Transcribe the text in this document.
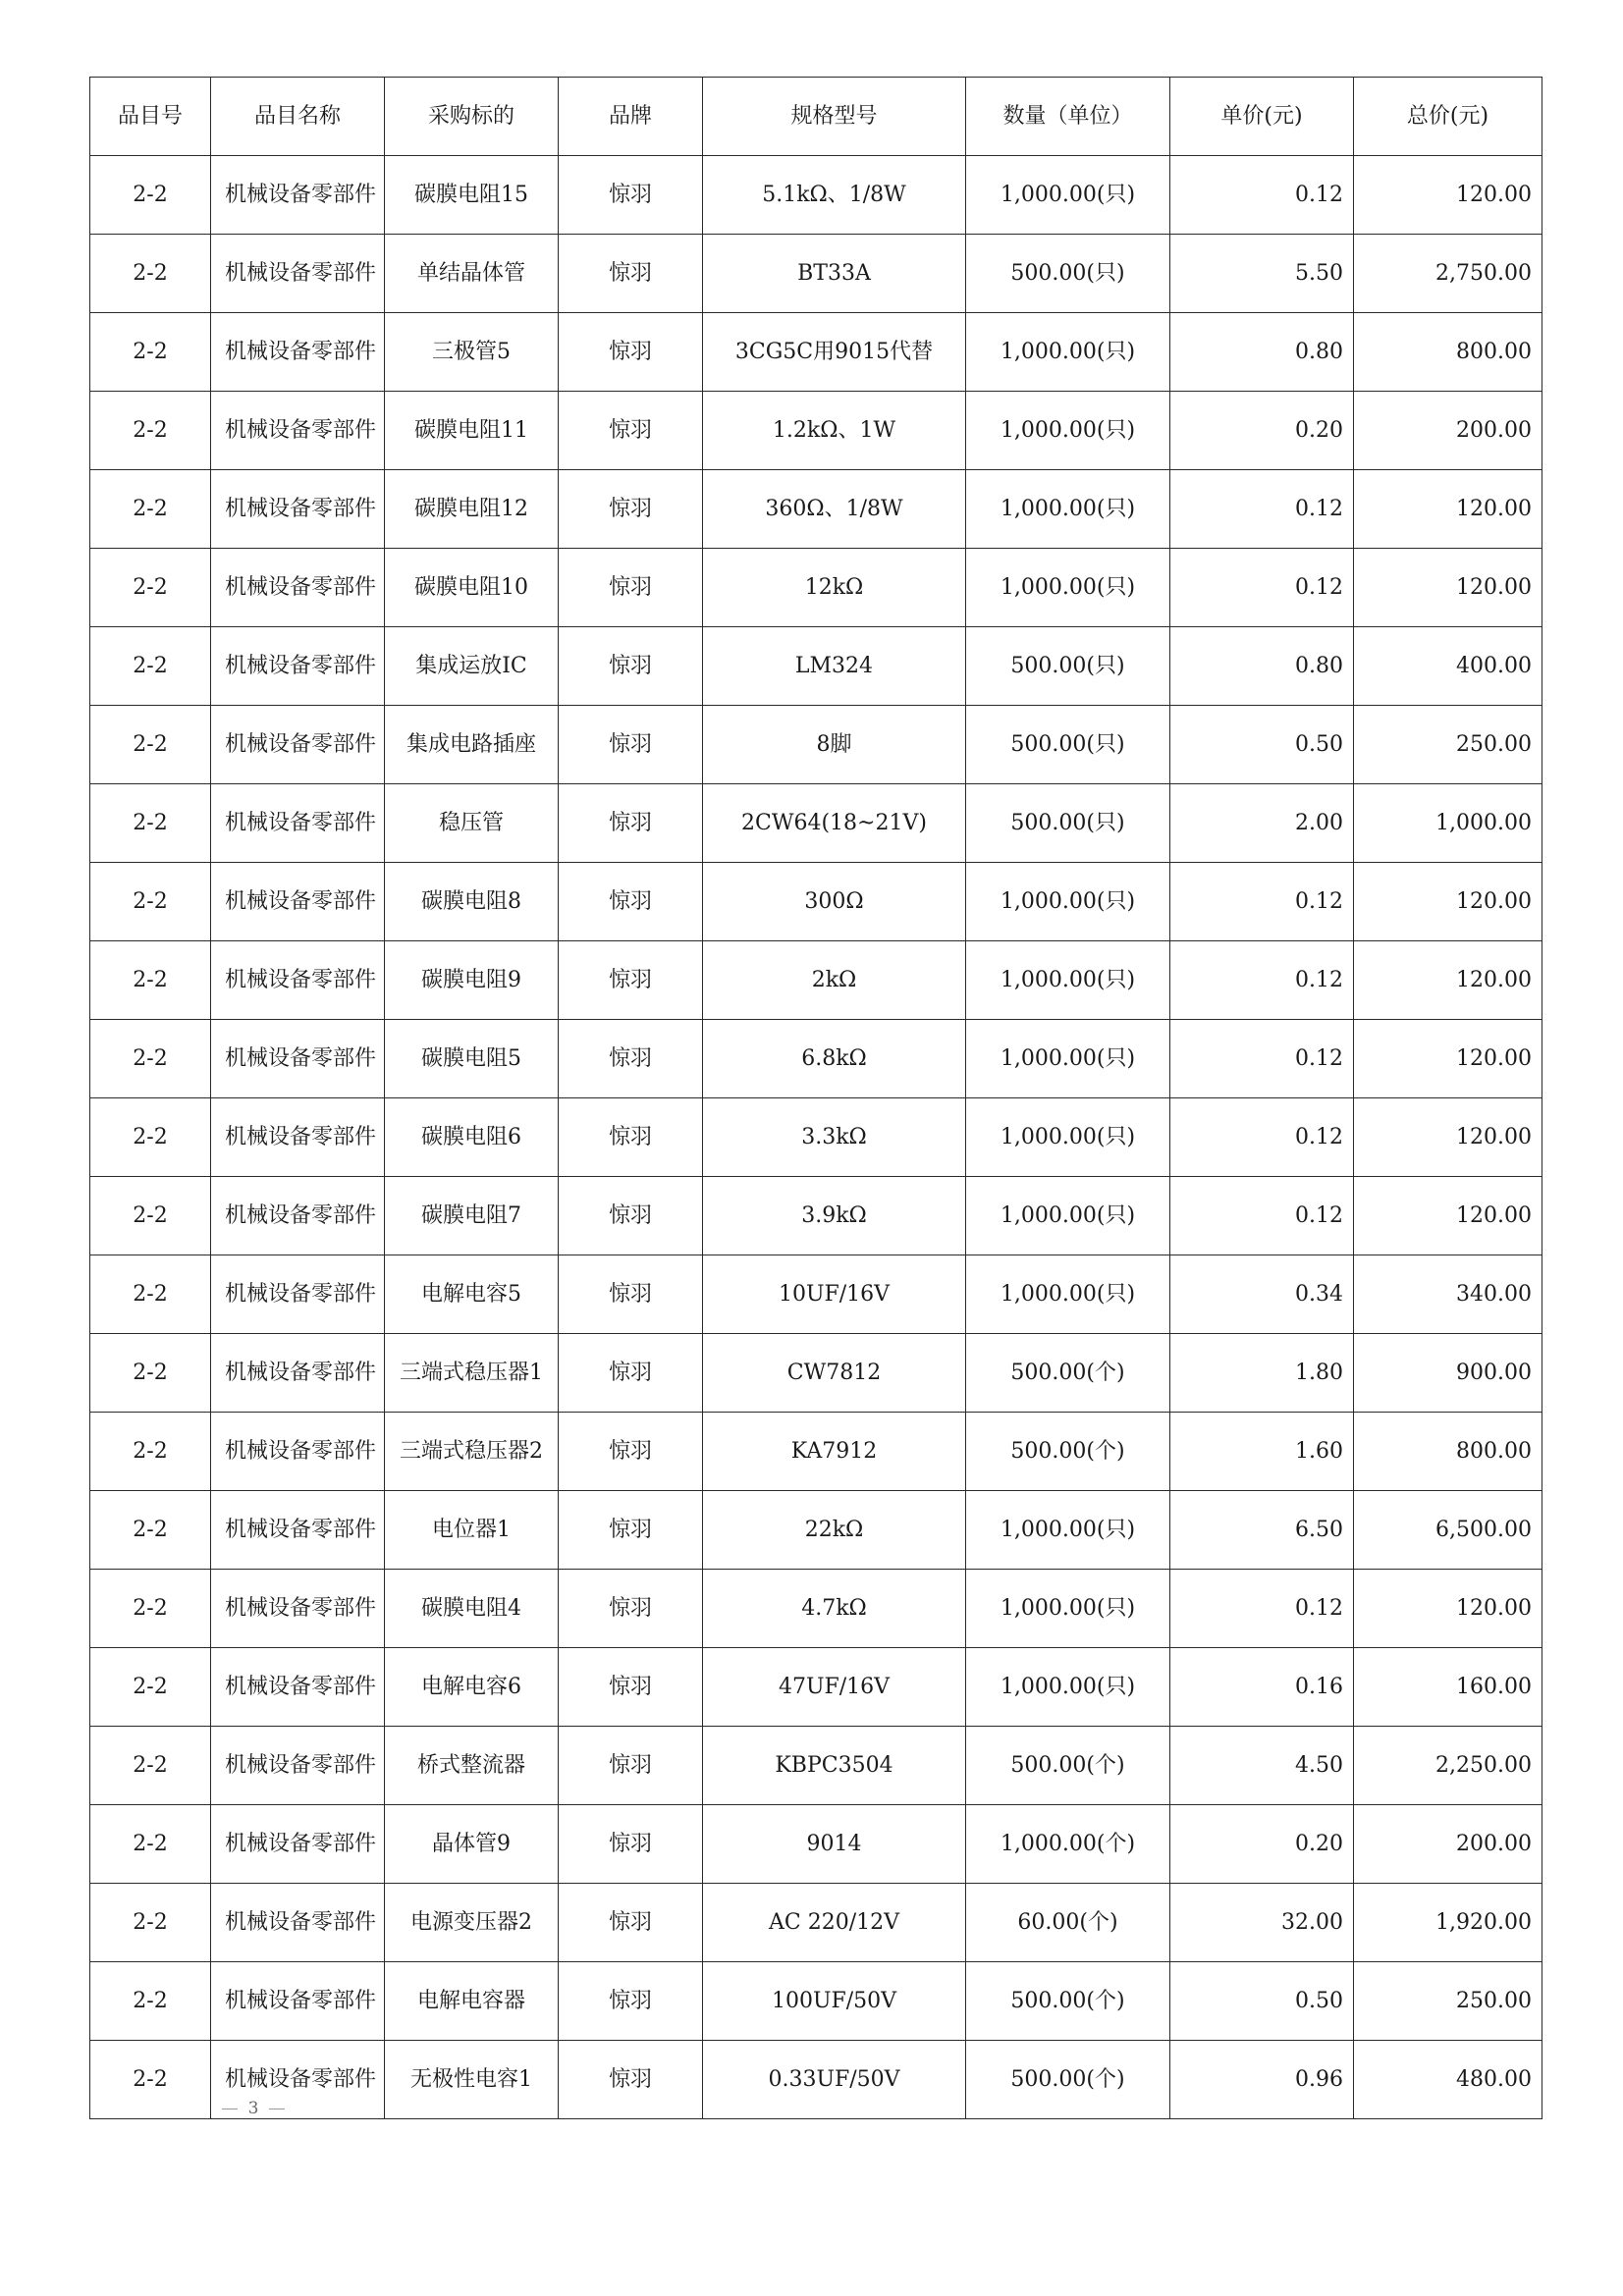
品目号	品目名称	采购标的	品牌	规格型号	数量（单位）	单价(元)	总价(元)
2-2	机械设备零部件	碳膜电阻15	惊羽	5.1kΩ、1/8W	1,000.00(只)	0.12	120.00
2-2	机械设备零部件	单结晶体管	惊羽	BT33A	500.00(只)	5.50	2,750.00
2-2	机械设备零部件	三极管5	惊羽	3CG5C用9015代替	1,000.00(只)	0.80	800.00
2-2	机械设备零部件	碳膜电阻11	惊羽	1.2kΩ、1W	1,000.00(只)	0.20	200.00
2-2	机械设备零部件	碳膜电阻12	惊羽	360Ω、1/8W	1,000.00(只)	0.12	120.00
2-2	机械设备零部件	碳膜电阻10	惊羽	12kΩ	1,000.00(只)	0.12	120.00
2-2	机械设备零部件	集成运放IC	惊羽	LM324	500.00(只)	0.80	400.00
2-2	机械设备零部件	集成电路插座	惊羽	8脚	500.00(只)	0.50	250.00
2-2	机械设备零部件	稳压管	惊羽	2CW64(18~21V)	500.00(只)	2.00	1,000.00
2-2	机械设备零部件	碳膜电阻8	惊羽	300Ω	1,000.00(只)	0.12	120.00
2-2	机械设备零部件	碳膜电阻9	惊羽	2kΩ	1,000.00(只)	0.12	120.00
2-2	机械设备零部件	碳膜电阻5	惊羽	6.8kΩ	1,000.00(只)	0.12	120.00
2-2	机械设备零部件	碳膜电阻6	惊羽	3.3kΩ	1,000.00(只)	0.12	120.00
2-2	机械设备零部件	碳膜电阻7	惊羽	3.9kΩ	1,000.00(只)	0.12	120.00
2-2	机械设备零部件	电解电容5	惊羽	10UF/16V	1,000.00(只)	0.34	340.00
2-2	机械设备零部件	三端式稳压器1	惊羽	CW7812	500.00(个)	1.80	900.00
2-2	机械设备零部件	三端式稳压器2	惊羽	KA7912	500.00(个)	1.60	800.00
2-2	机械设备零部件	电位器1	惊羽	22kΩ	1,000.00(只)	6.50	6,500.00
2-2	机械设备零部件	碳膜电阻4	惊羽	4.7kΩ	1,000.00(只)	0.12	120.00
2-2	机械设备零部件	电解电容6	惊羽	47UF/16V	1,000.00(只)	0.16	160.00
2-2	机械设备零部件	桥式整流器	惊羽	KBPC3504	500.00(个)	4.50	2,250.00
2-2	机械设备零部件	晶体管9	惊羽	9014	1,000.00(个)	0.20	200.00
2-2	机械设备零部件	电源变压器2	惊羽	AC 220/12V	60.00(个)	32.00	1,920.00
2-2	机械设备零部件	电解电容器	惊羽	100UF/50V	500.00(个)	0.50	250.00
2-2	机械设备零部件	无极性电容1	惊羽	0.33UF/50V	500.00(个)	0.96	480.00
3
